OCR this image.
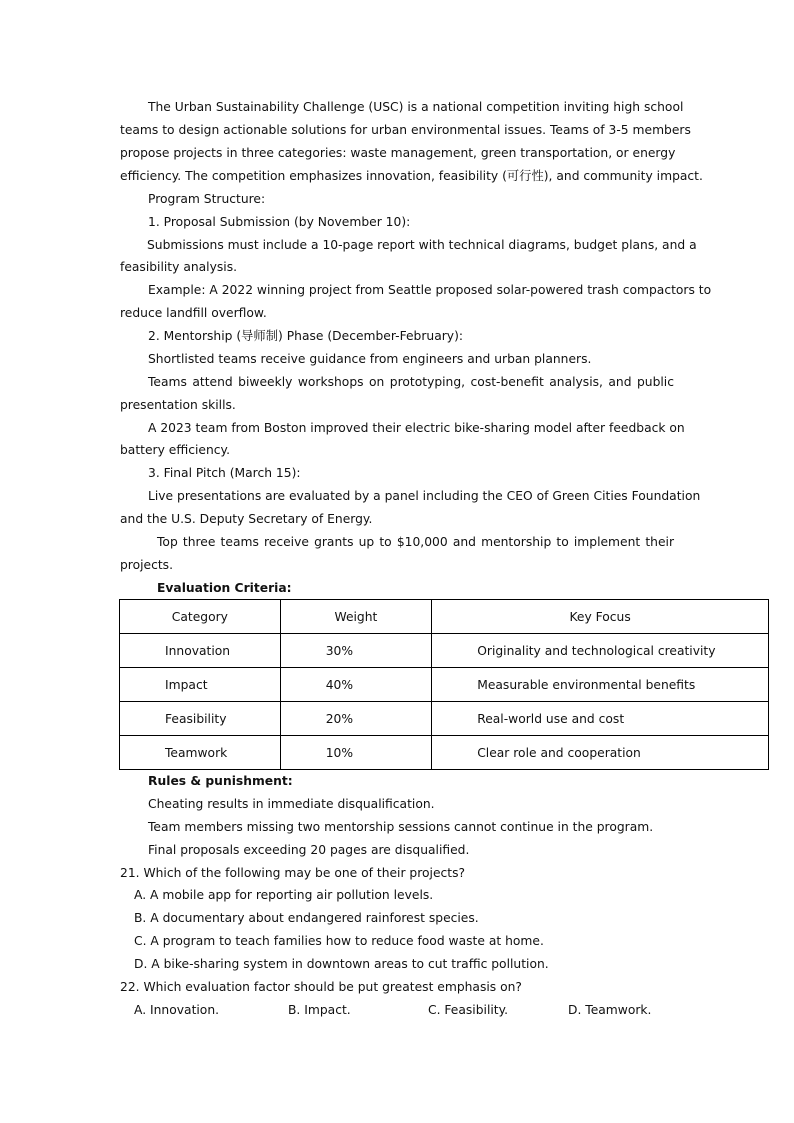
The Urban Sustainability Challenge (USC) is a national competition inviting high school
teams to design actionable solutions for urban environmental issues. Teams of 3-5 members
propose projects in three categories: waste management, green transportation, or energy
efficiency. The competition emphasizes innovation, feasibility (可行性), and community impact.
Program Structure:
1. Proposal Submission (by November 10):
Submissions must include a 10-page report with technical diagrams, budget plans, and a
feasibility analysis.
Example: A 2022 winning project from Seattle proposed solar-powered trash compactors to
reduce landfill overflow.
2. Mentorship (导师制) Phase (December-February):
Shortlisted teams receive guidance from engineers and urban planners.
Teams attend biweekly workshops on prototyping, cost-benefit analysis, and public
presentation skills.
A 2023 team from Boston improved their electric bike-sharing model after feedback on
battery efficiency.
3. Final Pitch (March 15):
Live presentations are evaluated by a panel including the CEO of Green Cities Foundation
and the U.S. Deputy Secretary of Energy.
Top three teams receive grants up to $10,000 and mentorship to implement their
projects.
Evaluation Criteria:
Category	Weight	Key Focus
Innovation	30%	Originality and technological creativity
Impact	40%	Measurable environmental benefits
Feasibility	20%	Real-world use and cost
Teamwork	10%	Clear role and cooperation
Rules & punishment:
Cheating results in immediate disqualification.
Team members missing two mentorship sessions cannot continue in the program.
Final proposals exceeding 20 pages are disqualified.
21. Which of the following may be one of their projects?
A. A mobile app for reporting air pollution levels.
B. A documentary about endangered rainforest species.
C. A program to teach families how to reduce food waste at home.
D. A bike-sharing system in downtown areas to cut traffic pollution.
22. Which evaluation factor should be put greatest emphasis on?
A. Innovation.	B. Impact.	C. Feasibility.	D. Teamwork.
